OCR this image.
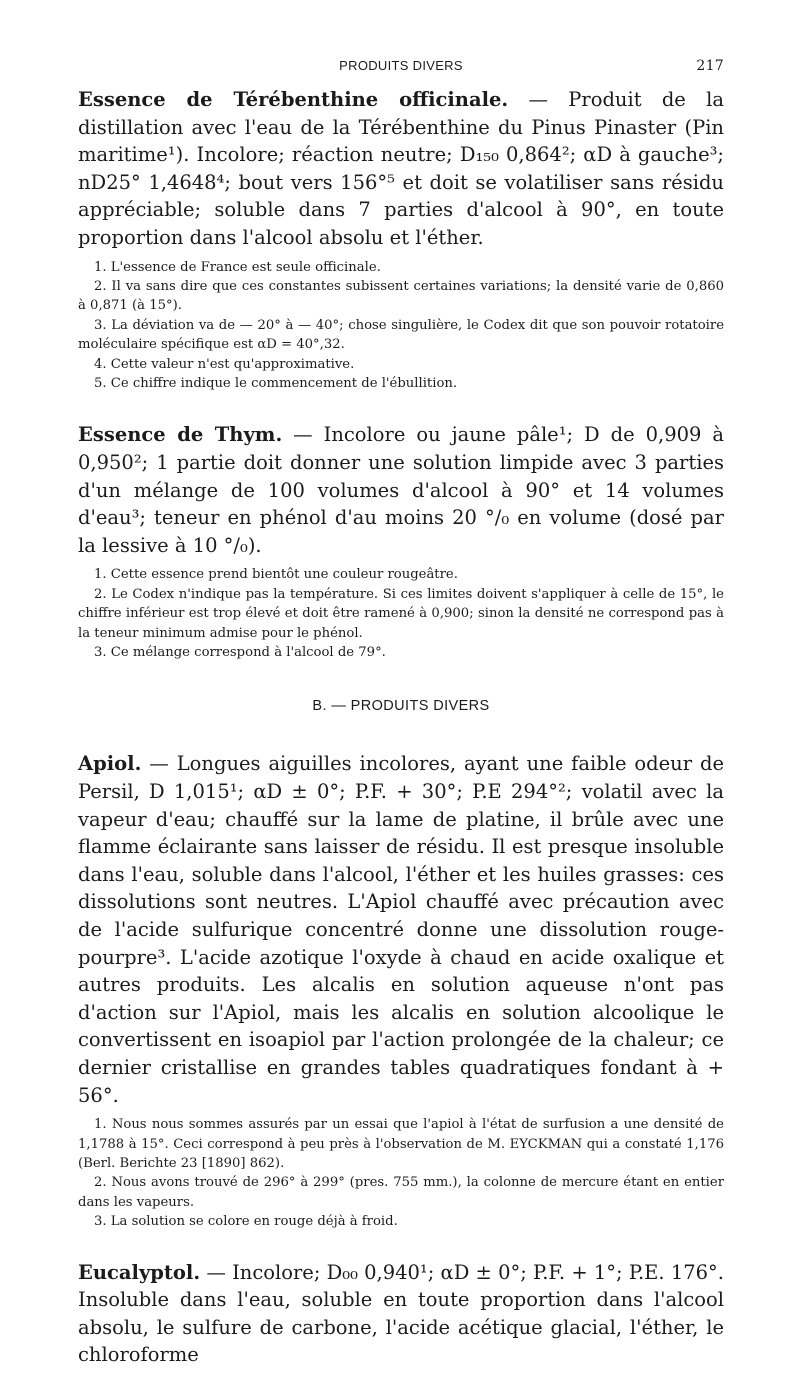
PRODUITS DIVERS	217

Essence de Térébenthine officinale. — Produit de la distillation avec l'eau de la Térébenthine du Pinus Pinaster (Pin maritime¹). Incolore; réaction neutre; D₁₅₀ 0,864²; αD à gauche³; nD25° 1,4648⁴; bout vers 156°⁵ et doit se volatiliser sans résidu appréciable; soluble dans 7 parties d'alcool à 90°, en toute proportion dans l'alcool absolu et l'éther.

1. L'essence de France est seule officinale.

2. Il va sans dire que ces constantes subissent certaines variations; la densité varie de 0,860 à 0,871 (à 15°).

3. La déviation va de — 20° à — 40°; chose singulière, le Codex dit que son pouvoir rotatoire moléculaire spécifique est αD = 40°,32.

4. Cette valeur n'est qu'approximative.

5. Ce chiffre indique le commencement de l'ébullition.

Essence de Thym. — Incolore ou jaune pâle¹; D de 0,909 à 0,950²; 1 partie doit donner une solution limpide avec 3 parties d'un mélange de 100 volumes d'alcool à 90° et 14 volumes d'eau³; teneur en phénol d'au moins 20 °/₀ en volume (dosé par la lessive à 10 °/₀).

1. Cette essence prend bientôt une couleur rougeâtre.

2. Le Codex n'indique pas la température. Si ces limites doivent s'appliquer à celle de 15°, le chiffre inférieur est trop élevé et doit être ramené à 0,900; sinon la densité ne correspond pas à la teneur minimum admise pour le phénol.

3. Ce mélange correspond à l'alcool de 79°.

B. — PRODUITS DIVERS

Apiol. — Longues aiguilles incolores, ayant une faible odeur de Persil, D 1,015¹; αD ± 0°; P.F. + 30°; P.E 294°²; volatil avec la vapeur d'eau; chauffé sur la lame de platine, il brûle avec une flamme éclairante sans laisser de résidu. Il est presque insoluble dans l'eau, soluble dans l'alcool, l'éther et les huiles grasses: ces dissolutions sont neutres. L'Apiol chauffé avec précaution avec de l'acide sulfurique concentré donne une dissolution rouge-pourpre³. L'acide azotique l'oxyde à chaud en acide oxalique et autres produits. Les alcalis en solution aqueuse n'ont pas d'action sur l'Apiol, mais les alcalis en solution alcoolique le convertissent en isoapiol par l'action prolongée de la chaleur; ce dernier cristallise en grandes tables quadratiques fondant à + 56°.

1. Nous nous sommes assurés par un essai que l'apiol à l'état de surfusion a une densité de 1,1788 à 15°. Ceci correspond à peu près à l'observation de M. EYCKMAN qui a constaté 1,176 (Berl. Berichte 23 [1890] 862).

2. Nous avons trouvé de 296° à 299° (pres. 755 mm.), la colonne de mercure étant en entier dans les vapeurs.

3. La solution se colore en rouge déjà à froid.

Eucalyptol. — Incolore; D₀₀ 0,940¹; αD ± 0°; P.F. + 1°; P.E. 176°. Insoluble dans l'eau, soluble en toute proportion dans l'alcool absolu, le sulfure de carbone, l'acide acétique glacial, l'éther, le chloroforme
